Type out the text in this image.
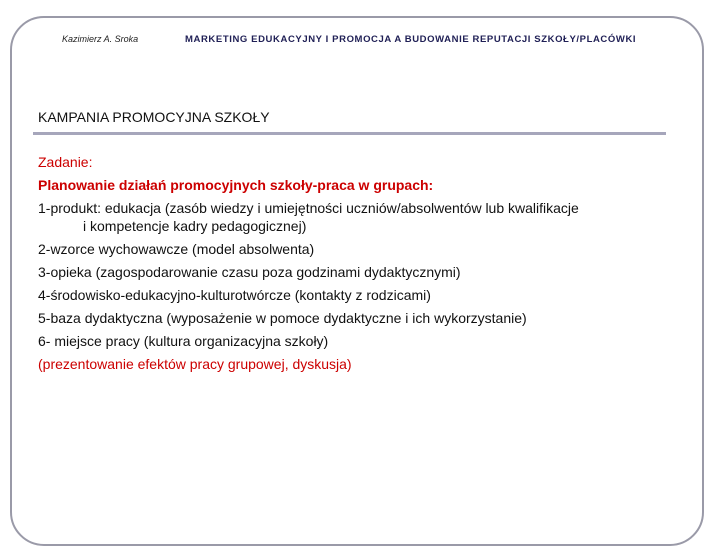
Kazimierz A. Sroka	MARKETING EDUKACYJNY I PROMOCJA A BUDOWANIE REPUTACJI SZKOŁY/PLACÓWKI
KAMPANIA PROMOCYJNA SZKOŁY
Zadanie:
Planowanie działań promocyjnych szkoły-praca w grupach:
1-produkt: edukacja (zasób wiedzy i umiejętności uczniów/absolwentów lub kwalifikacje
i kompetencje kadry pedagogicznej)
2-wzorce wychowawcze (model absolwenta)
3-opieka (zagospodarowanie czasu poza godzinami dydaktycznymi)
4-środowisko-edukacyjno-kulturotwórcze (kontakty z rodzicami)
5-baza dydaktyczna (wyposażenie w pomoce dydaktyczne i ich wykorzystanie)
6- miejsce pracy (kultura organizacyjna szkoły)
(prezentowanie efektów pracy grupowej, dyskusja)
